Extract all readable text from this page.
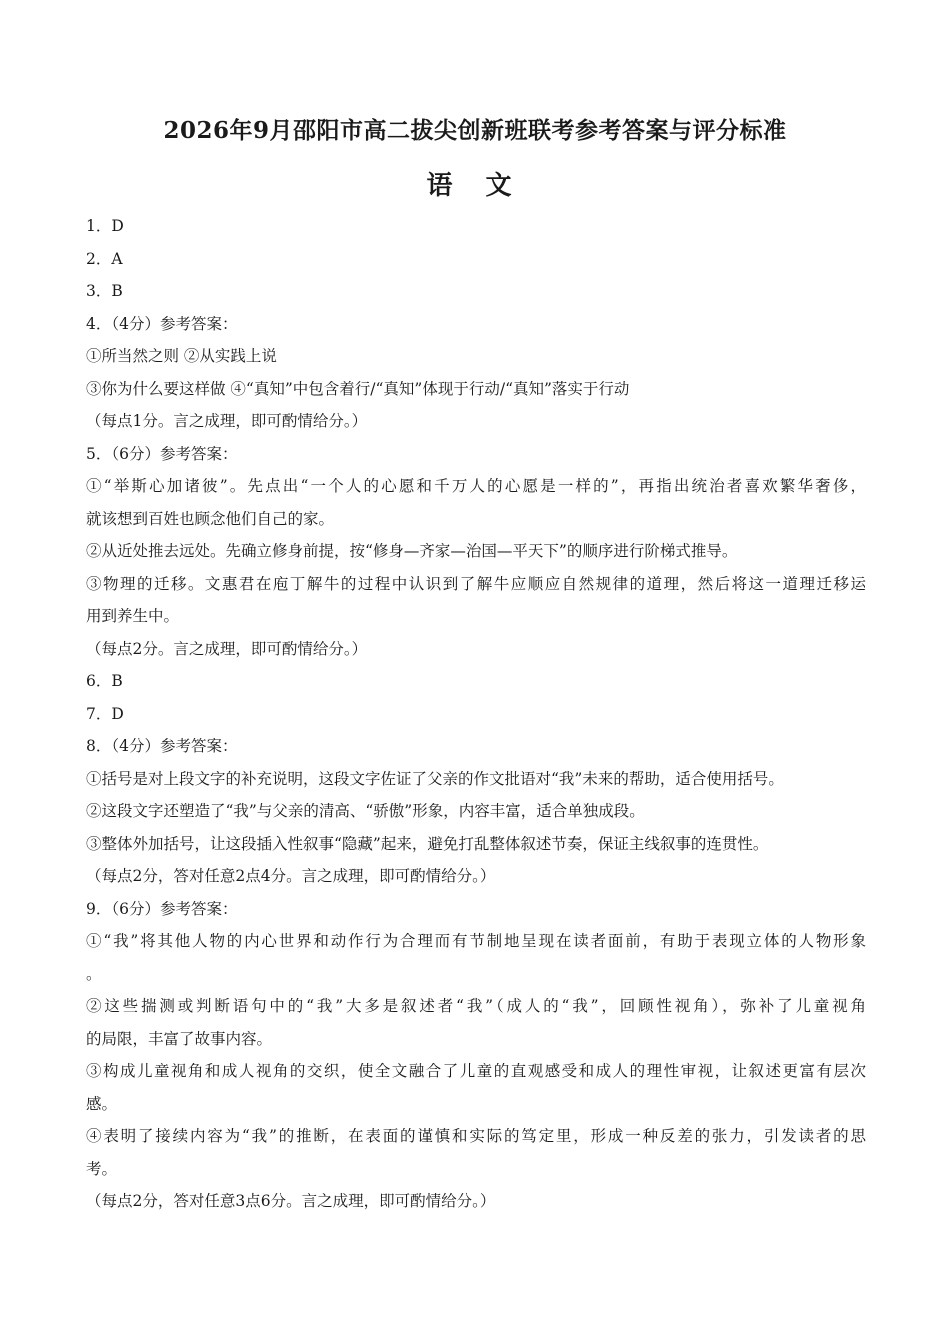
2026年9月邵阳市高二拔尖创新班联考参考答案与评分标准
语 文
1．D
2．A
3．B
4．（4分）参考答案：
①所当然之则 ②从实践上说
③你为什么要这样做 ④“真知”中包含着行/“真知”体现于行动/“真知”落实于行动
（每点1分。言之成理，即可酌情给分。）
5．（6分）参考答案：
①“举斯心加诸彼”。先点出“一个人的心愿和千万人的心愿是一样的”，再指出统治者喜欢繁华奢侈，
就该想到百姓也顾念他们自己的家。
②从近处推去远处。先确立修身前提，按“修身—齐家—治国—平天下”的顺序进行阶梯式推导。
③物理的迁移。文惠君在庖丁解牛的过程中认识到了解牛应顺应自然规律的道理，然后将这一道理迁移运
用到养生中。
（每点2分。言之成理，即可酌情给分。）
6．B
7．D
8．（4分）参考答案：
①括号是对上段文字的补充说明，这段文字佐证了父亲的作文批语对“我”未来的帮助，适合使用括号。
②这段文字还塑造了“我”与父亲的清高、“骄傲”形象，内容丰富，适合单独成段。
③整体外加括号，让这段插入性叙事“隐藏”起来，避免打乱整体叙述节奏，保证主线叙事的连贯性。
（每点2分，答对任意2点4分。言之成理，即可酌情给分。）
9．（6分）参考答案：
①“我”将其他人物的内心世界和动作行为合理而有节制地呈现在读者面前，有助于表现立体的人物形象
。
②这些揣测或判断语句中的“我”大多是叙述者“我”（成人的“我”，回顾性视角），弥补了儿童视角
的局限，丰富了故事内容。
③构成儿童视角和成人视角的交织，使全文融合了儿童的直观感受和成人的理性审视，让叙述更富有层次
感。
④表明了接续内容为“我”的推断，在表面的谨慎和实际的笃定里，形成一种反差的张力，引发读者的思
考。
（每点2分，答对任意3点6分。言之成理，即可酌情给分。）
